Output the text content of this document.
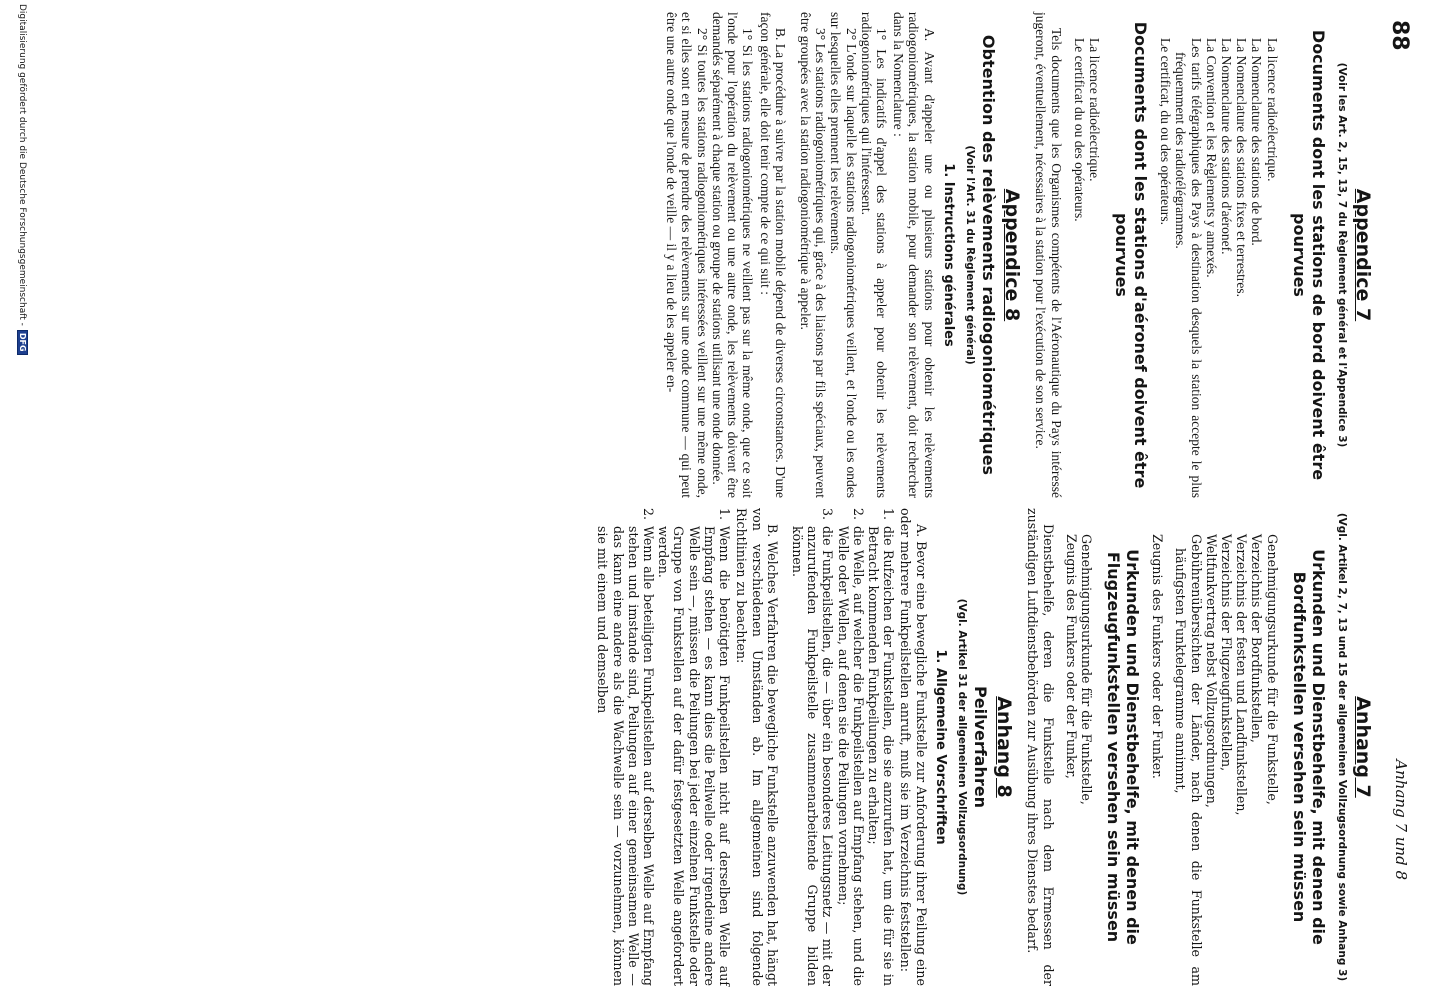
88
Anhang 7 und 8
Appendice 7
(Voir les Art. 2, 15, 13, 7 du Règlement général et l'Appendice 3)
Documents dont les stations de bord doivent être pourvues
La licence radioélectrique.
La Nomenclature des stations de bord.
La Nomenclature des stations fixes et terrestres.
La Nomenclature des stations d'aéronef.
La Convention et les Règlements y annexés.
Les tarifs télégraphiques des Pays à destination desquels la station accepte le plus fréquemment des radiotélégrammes.
Le certificat, du ou des opérateurs.
Documents dont les stations d'aéronef doivent être pourvues
La licence radioélectrique.
Le certificat du ou des opérateurs.
Tels documents que les Organismes compétents de l'Aéronautique du Pays intéressé jugeront, éventuellement, nécessaires à la station pour l'exécution de son service.
Appendice 8
Obtention des relèvements radiogoniométriques
(Voir l'Art. 31 du Règlement général)
1. Instructions générales
A. Avant d'appeler une ou plusieurs stations pour obtenir les relèvements radiogoniométriques, la station mobile, pour demander son relèvement, doit rechercher dans la Nomenclature :
1° Les indicatifs d'appel des stations à appeler pour obtenir les relèvements radiogoniométriques qui l'intéressent.
2° L'onde sur laquelle les stations radiogoniométriques veillent, et l'onde ou les ondes sur lesquelles elles prennent les relèvements.
3° Les stations radiogoniométriques qui, grâce à des liaisons par fils spéciaux, peuvent être groupées avec la station radiogoniométrique à appeler.
B. La procédure à suivre par la station mobile dépend de diverses circonstances. D'une façon générale, elle doit tenir compte de ce qui suit :
1° Si les stations radiogoniométriques ne veillent pas sur la même onde, que ce soit l'onde pour l'opération du relèvement ou une autre onde, les relèvements doivent être demandés séparément à chaque station ou groupe de stations utilisant une onde donnée.
2° Si toutes les stations radiogoniométriques intéressées veillent sur une même onde, et si elles sont en mesure de prendre des relèvements sur une onde commune — qui peut être une autre onde que l'onde de veille — il y a lieu de les appeler en-
Anhang 7
(Vgl. Artikel 2, 7, 13 und 15 der allgemeinen Vollzugsordnung sowie Anhang 3)
Urkunden und Dienstbehelfe, mit denen die Bordfunkstellen versehen sein müssen
Genehmigungsurkunde für die Funkstelle,
Verzeichnis der Bordfunkstellen,
Verzeichnis der festen und Landfunkstellen,
Verzeichnis der Flugzeugfunkstellen,
Weltfunkvertrag nebst Vollzugsordnungen,
Gebührenübersichten der Länder, nach denen die Funkstelle am häufigsten Funktelegramme annimmt,
Zeugnis des Funkers oder der Funker.
Urkunden und Dienstbehelfe, mit denen die Flugzeugfunkstellen versehen sein müssen
Genehmigungsurkunde für die Funkstelle,
Zeugnis des Funkers oder der Funker,
Dienstbehelfe, deren die Funkstelle nach dem Ermessen der zuständigen Luftdienstbehörden zur Ausübung ihres Dienstes bedarf.
Anhang 8
Peilverfahren
(Vgl. Artikel 31 der allgemeinen Vollzugsordnung)
1. Allgemeine Vorschriften
A. Bevor eine bewegliche Funkstelle zur Anforderung ihrer Peilung eine oder mehrere Funkpeilstellen anruft, muß sie im Verzeichnis feststellen:
1.
die Rufzeichen der Funkstellen, die sie anzurufen hat, um die für sie in Betracht kommenden Funkpeilungen zu erhalten;
2.
die Welle, auf welcher die Funkpeilstellen auf Empfang stehen, und die Welle oder Wellen, auf denen sie die Peilungen vornehmen;
3.
die Funkpeilstellen, die — über ein besonderes Leitungsnetz — mit der anzurufenden Funkpeilstelle zusammenarbeitende Gruppe bilden können.
B. Welches Verfahren die bewegliche Funkstelle anzuwenden hat, hängt von verschiedenen Umständen ab. Im allgemeinen sind folgende Richtlinien zu beachten:
1.
Wenn die benötigten Funkpeilstellen nicht auf derselben Welle auf Empfang stehen — es kann dies die Peilwelle oder irgendeine andere Welle sein —, müssen die Peilungen bei jeder einzelnen Funkstelle oder Gruppe von Funkstellen auf der dafür festgesetzten Welle angefordert werden.
2.
Wenn alle beteiligten Funkpeilstellen auf derselben Welle auf Empfang stehen und imstande sind, Peilungen auf einer gemeinsamen Welle — das kann eine andere als die Wachwelle sein — vorzunehmen, können sie mit einem und demselben
Digitalisierung gefördert durch die Deutsche Forschungsgemeinschaft -
DFG
